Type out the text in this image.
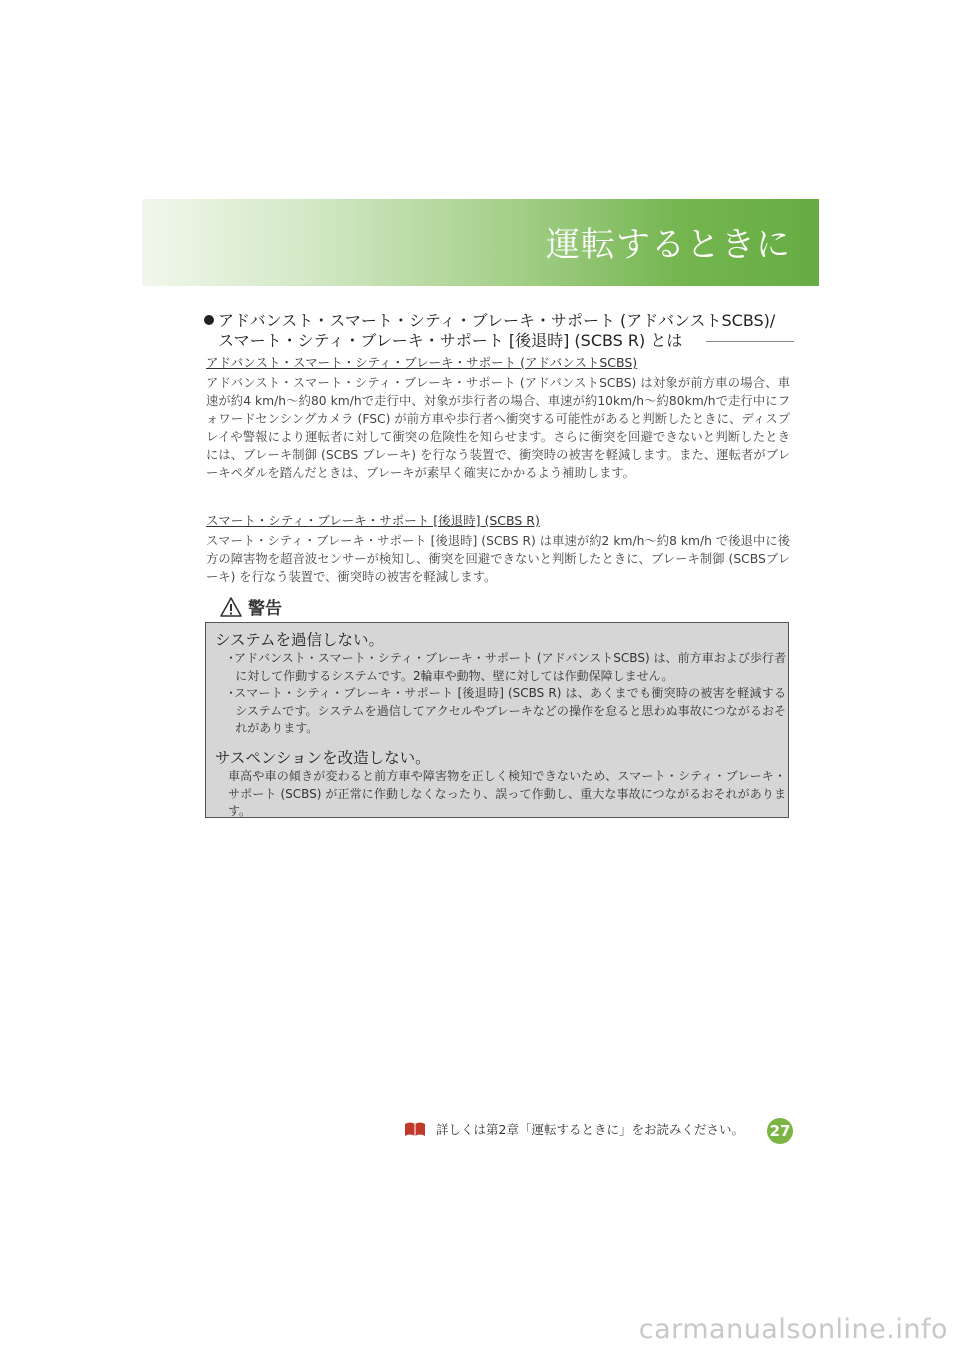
運転するときに
アドバンスト・スマート・シティ・ブレーキ・サポート (アドバンストSCBS)/
スマート・シティ・ブレーキ・サポート [後退時] (SCBS R) とは
アドバンスト・スマート・シティ・ブレーキ・サポート (アドバンストSCBS)
アドバンスト・スマート・シティ・ブレーキ・サポート (アドバンストSCBS) は対象が前方車の場合、車速が約4 km/h〜約80 km/hで走行中、対象が歩行者の場合、車速が約10km/h〜約80km/hで走行中にフォワードセンシングカメラ (FSC) が前方車や歩行者へ衝突する可能性があると判断したときに、ディスプレイや警報により運転者に対して衝突の危険性を知らせます。さらに衝突を回避できないと判断したときには、ブレーキ制御 (SCBS ブレーキ) を行なう装置で、衝突時の被害を軽減します。また、運転者がブレーキペダルを踏んだときは、ブレーキが素早く確実にかかるよう補助します。
スマート・シティ・ブレーキ・サポート [後退時] (SCBS R)
スマート・シティ・ブレーキ・サポート [後退時] (SCBS R) は車速が約2 km/h〜約8 km/h で後退中に後方の障害物を超音波センサーが検知し、衝突を回避できないと判断したときに、ブレーキ制御 (SCBSブレーキ) を行なう装置で、衝突時の被害を軽減します。
警告
システムを過信しない。
･アドバンスト・スマート・シティ・ブレーキ・サポート (アドバンストSCBS) は、前方車および歩行者に対して作動するシステムです。2輪車や動物、壁に対しては作動保障しません。
･スマート・シティ・ブレーキ・サポート [後退時] (SCBS R) は、あくまでも衝突時の被害を軽減するシステムです。システムを過信してアクセルやブレーキなどの操作を怠ると思わぬ事故につながるおそれがあります。
サスペンションを改造しない。
車高や車の傾きが変わると前方車や障害物を正しく検知できないため、スマート・シティ・ブレーキ・サポート (SCBS) が正常に作動しなくなったり、誤って作動し、重大な事故につながるおそれがあります。
詳しくは第2章「運転するときに」をお読みください。 27
carmanualsonline.info
